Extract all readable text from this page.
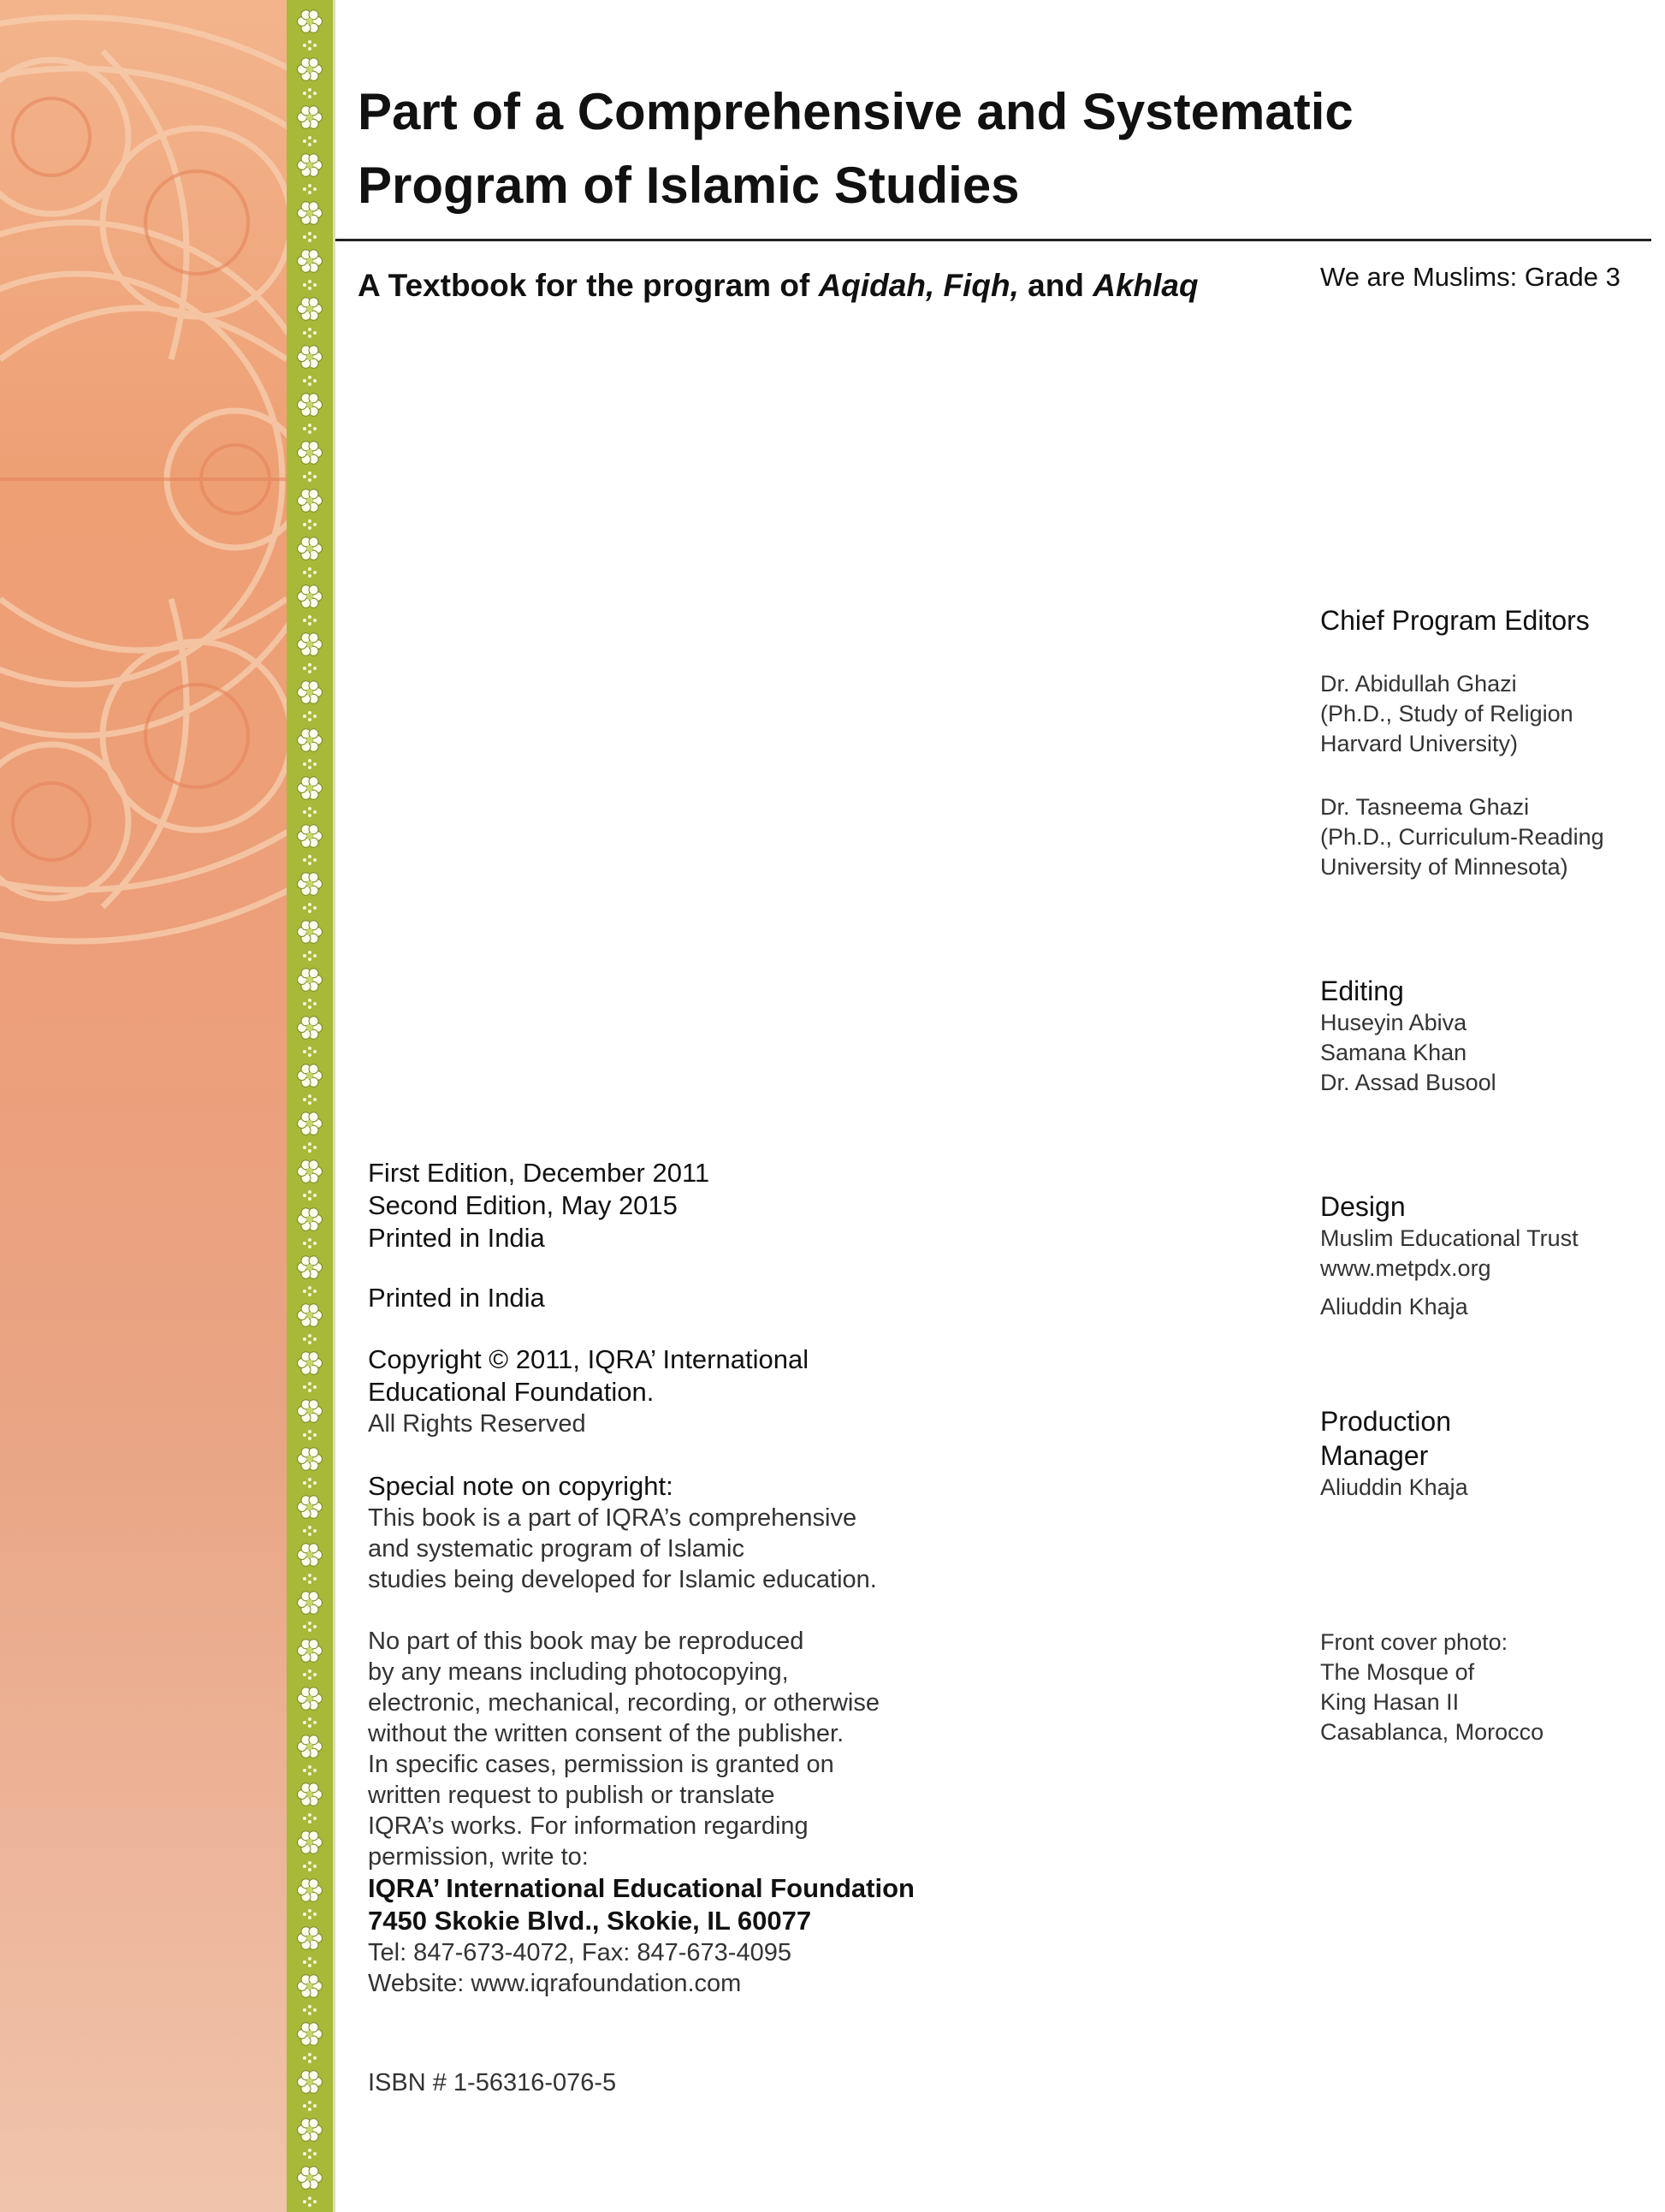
Part of a Comprehensive and Systematic
Program of Islamic Studies
A Textbook for the program of Aqidah, Fiqh, and Akhlaq	We are Muslims: Grade 3
Chief Program Editors
Dr. Abidullah Ghazi
(Ph.D., Study of Religion
Harvard University)
Dr. Tasneema Ghazi
(Ph.D., Curriculum-Reading
University of Minnesota)
Editing
Huseyin Abiva
Samana Khan
Dr. Assad Busool
Design
Muslim Educational Trust
www.metpdx.org
Aliuddin Khaja
Production
Manager
Aliuddin Khaja
Front cover photo:
The Mosque of
King Hasan II
Casablanca, Morocco
First Edition, December 2011
Second Edition, May 2015
Printed in India
Printed in India
Copyright © 2011, IQRA’ International
Educational Foundation.
All Rights Reserved
Special note on copyright:
This book is a part of IQRA’s comprehensive
and systematic program of Islamic
studies being developed for Islamic education.
No part of this book may be reproduced
by any means including photocopying,
electronic, mechanical, recording, or otherwise
without the written consent of the publisher.
In specific cases, permission is granted on
written request to publish or translate
IQRA’s works. For information regarding
permission, write to:
IQRA’ International Educational Foundation
7450 Skokie Blvd., Skokie, IL 60077
Tel: 847-673-4072, Fax: 847-673-4095
Website: www.iqrafoundation.com
ISBN # 1-56316-076-5
